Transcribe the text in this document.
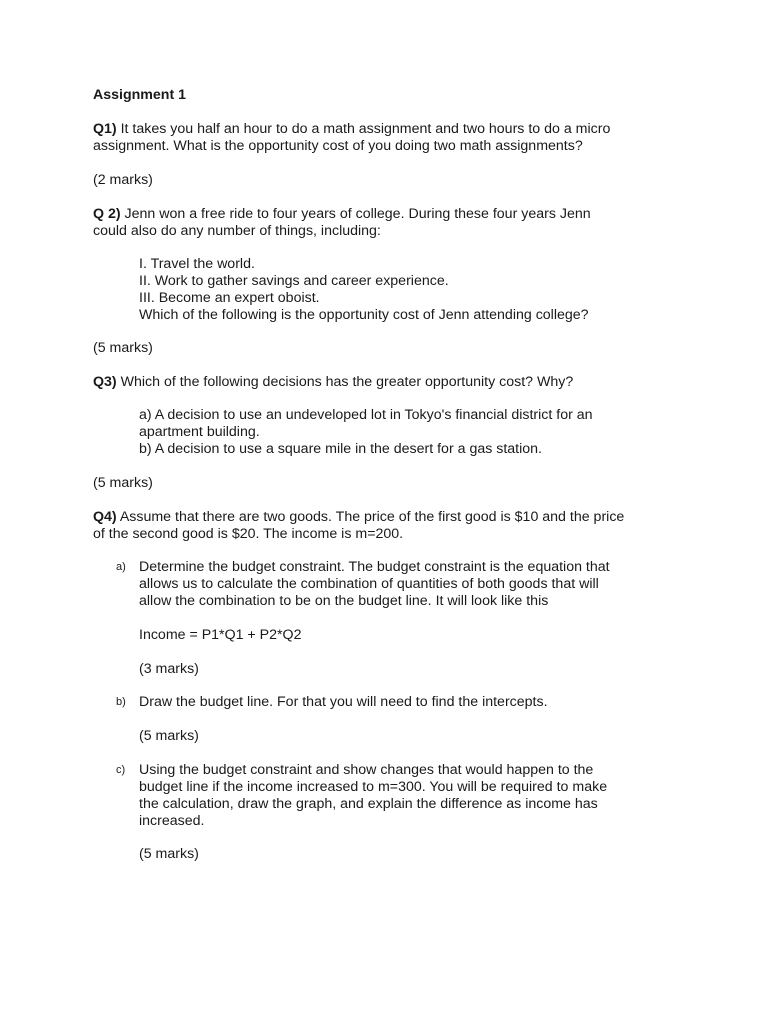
Assignment 1
Q1) It takes you half an hour to do a math assignment and two hours to do a micro
assignment. What is the opportunity cost of you doing two math assignments?
(2 marks)
Q 2) Jenn won a free ride to four years of college. During these four years Jenn
could also do any number of things, including:
I. Travel the world.
II. Work to gather savings and career experience.
III. Become an expert oboist.
Which of the following is the opportunity cost of Jenn attending college?
(5 marks)
Q3) Which of the following decisions has the greater opportunity cost? Why?
a) A decision to use an undeveloped lot in Tokyo's financial district for an
apartment building.
b) A decision to use a square mile in the desert for a gas station.
(5 marks)
Q4) Assume that there are two goods. The price of the first good is $10 and the price
of the second good is $20. The income is m=200.
a) Determine the budget constraint. The budget constraint is the equation that
allows us to calculate the combination of quantities of both goods that will
allow the combination to be on the budget line. It will look like this
Income = P1*Q1 + P2*Q2
(3 marks)
b) Draw the budget line. For that you will need to find the intercepts.
(5 marks)
c) Using the budget constraint and show changes that would happen to the
budget line if the income increased to m=300. You will be required to make
the calculation, draw the graph, and explain the difference as income has
increased.
(5 marks)
